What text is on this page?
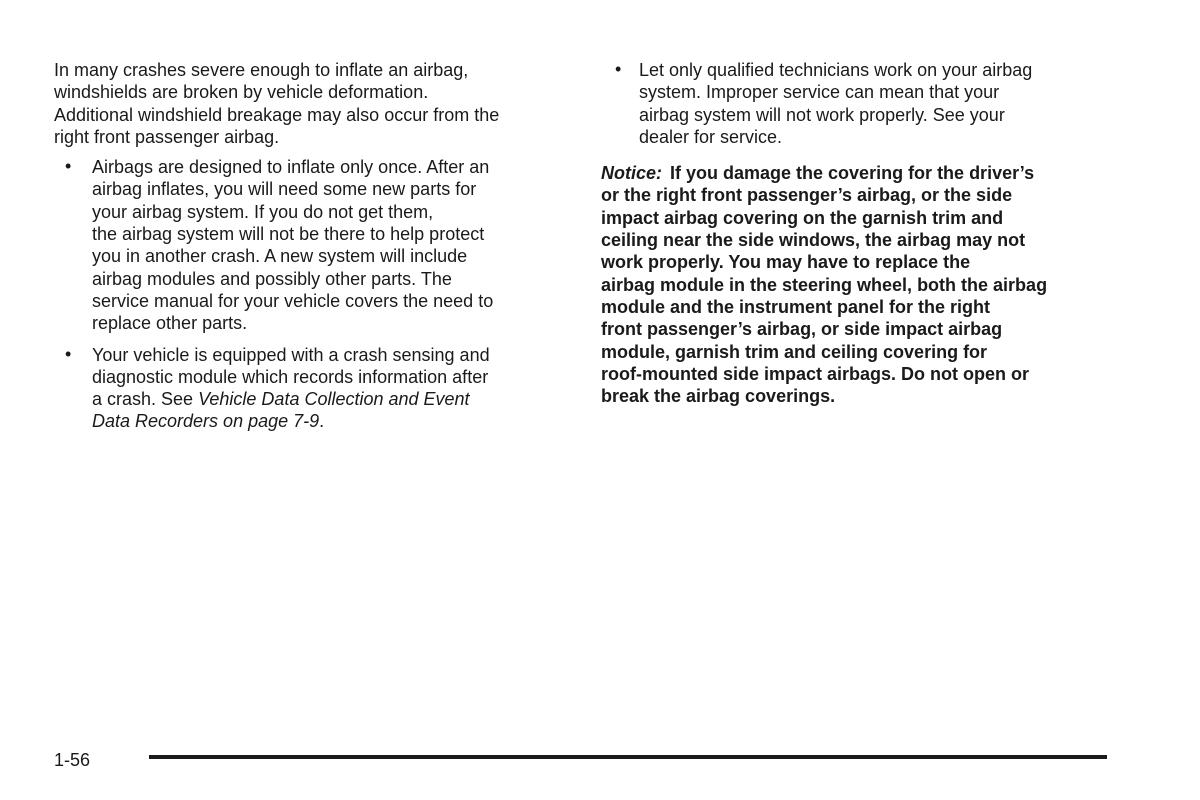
In many crashes severe enough to inflate an airbag,
windshields are broken by vehicle deformation.
Additional windshield breakage may also occur from the
right front passenger airbag.

• Airbags are designed to inflate only once. After an
airbag inflates, you will need some new parts for
your airbag system. If you do not get them,
the airbag system will not be there to help protect
you in another crash. A new system will include
airbag modules and possibly other parts. The
service manual for your vehicle covers the need to
replace other parts.
• Your vehicle is equipped with a crash sensing and
diagnostic module which records information after
a crash. See Vehicle Data Collection and Event
Data Recorders on page 7-9.
• Let only qualified technicians work on your airbag
system. Improper service can mean that your
airbag system will not work properly. See your
dealer for service.
Notice: If you damage the covering for the driver’s
or the right front passenger’s airbag, or the side
impact airbag covering on the garnish trim and
ceiling near the side windows, the airbag may not
work properly. You may have to replace the
airbag module in the steering wheel, both the airbag
module and the instrument panel for the right
front passenger’s airbag, or side impact airbag
module, garnish trim and ceiling covering for
roof-mounted side impact airbags. Do not open or
break the airbag coverings.
1-56
